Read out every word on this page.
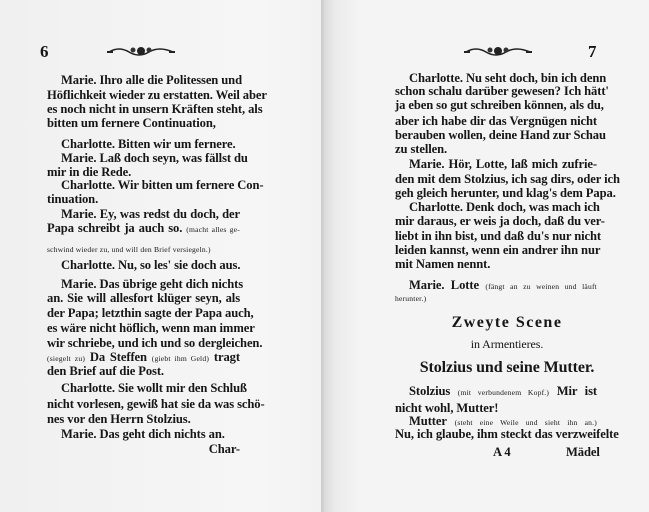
6
Marie. Ihro alle die Politessen und
Höflichkeit wieder zu erstatten. Weil aber
es noch nicht in unsern Kräften steht, als
bitten um fernere Continuation,
Charlotte. Bitten wir um fernere.
Marie. Laß doch seyn, was fällst du
mir in die Rede.
Charlotte. Wir bitten um fernere Con-
tinuation.
Marie. Ey, was redst du doch, der
Papa schreibt ja auch so. (macht alles ge-
schwind wieder zu, und will den Brief versiegeln.)
Charlotte. Nu, so les' sie doch aus.
Marie. Das übrige geht dich nichts
an. Sie will allesfort klüger seyn, als
der Papa; letzthin sagte der Papa auch,
es wäre nicht höflich, wenn man immer
wir schriebe, und ich und so dergleichen.
(siegelt zu) Da Steffen (giebt ihm Geld) tragt
den Brief auf die Post.
Charlotte. Sie wollt mir den Schluß
nicht vorlesen, gewiß hat sie da was schö-
nes vor den Herrn Stolzius.
Marie. Das geht dich nichts an.
Char-
7
Charlotte. Nu seht doch, bin ich denn
schon schalu darüber gewesen? Ich hätt'
ja eben so gut schreiben können, als du,
aber ich habe dir das Vergnügen nicht
berauben wollen, deine Hand zur Schau
zu stellen.
Marie. Hör, Lotte, laß mich zufrie-
den mit dem Stolzius, ich sag dirs, oder ich
geh gleich herunter, und klag's dem Papa.
Charlotte. Denk doch, was mach ich
mir daraus, er weis ja doch, daß du ver-
liebt in ihn bist, und daß du's nur nicht
leiden kannst, wenn ein andrer ihn nur
mit Namen nennt.
Marie. Lotte (fängt an zu weinen und läuft
herunter.)
Zweyte Scene
in Armentieres.
Stolzius und seine Mutter.
Stolzius (mit verbundenem Kopf.) Mir ist
nicht wohl, Mutter!
Mutter (steht eine Weile und sieht ihn an.)
Nu, ich glaube, ihm steckt das verzweifelte
A 4	Mädel
